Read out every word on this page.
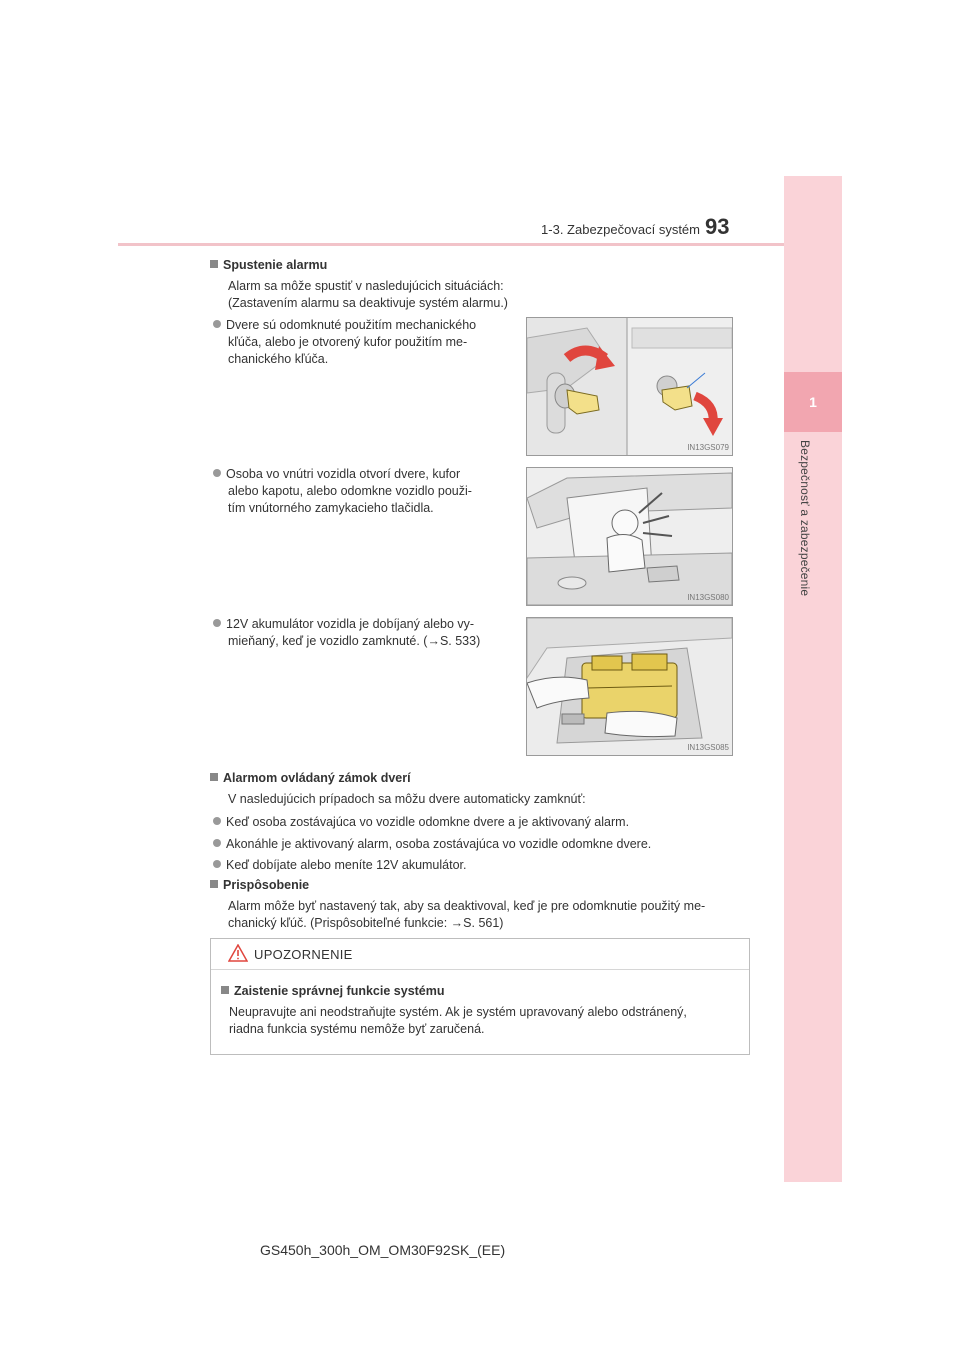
1-3. Zabezpečovací systém 93
1
Bezpečnosť a zabezpečenie
Spustenie alarmu
Alarm sa môže spustiť v nasledujúcich situáciách:
(Zastavením alarmu sa deaktivuje systém alarmu.)
Dvere sú odomknuté použitím mechanického
kľúča, alebo je otvorený kufor použitím me-
chanického kľúča.
IN13GS079
Osoba vo vnútri vozidla otvorí dvere, kufor
alebo kapotu, alebo odomkne vozidlo použi-
tím vnútorného zamykacieho tlačidla.
IN13GS080
12V akumulátor vozidla je dobíjaný alebo vy-
mieňaný, keď je vozidlo zamknuté. (→S. 533)
IN13GS085
Alarmom ovládaný zámok dverí
V nasledujúcich prípadoch sa môžu dvere automaticky zamknúť:
Keď osoba zostávajúca vo vozidle odomkne dvere a je aktivovaný alarm.
Akonáhle je aktivovaný alarm, osoba zostávajúca vo vozidle odomkne dvere.
Keď dobíjate alebo meníte 12V akumulátor.
Prispôsobenie
Alarm môže byť nastavený tak, aby sa deaktivoval, keď je pre odomknutie použitý me-
chanický kľúč. (Prispôsobiteľné funkcie: →S. 561)
UPOZORNENIE
Zaistenie správnej funkcie systému
Neupravujte ani neodstraňujte systém. Ak je systém upravovaný alebo odstránený,
riadna funkcia systému nemôže byť zaručená.
GS450h_300h_OM_OM30F92SK_(EE)
